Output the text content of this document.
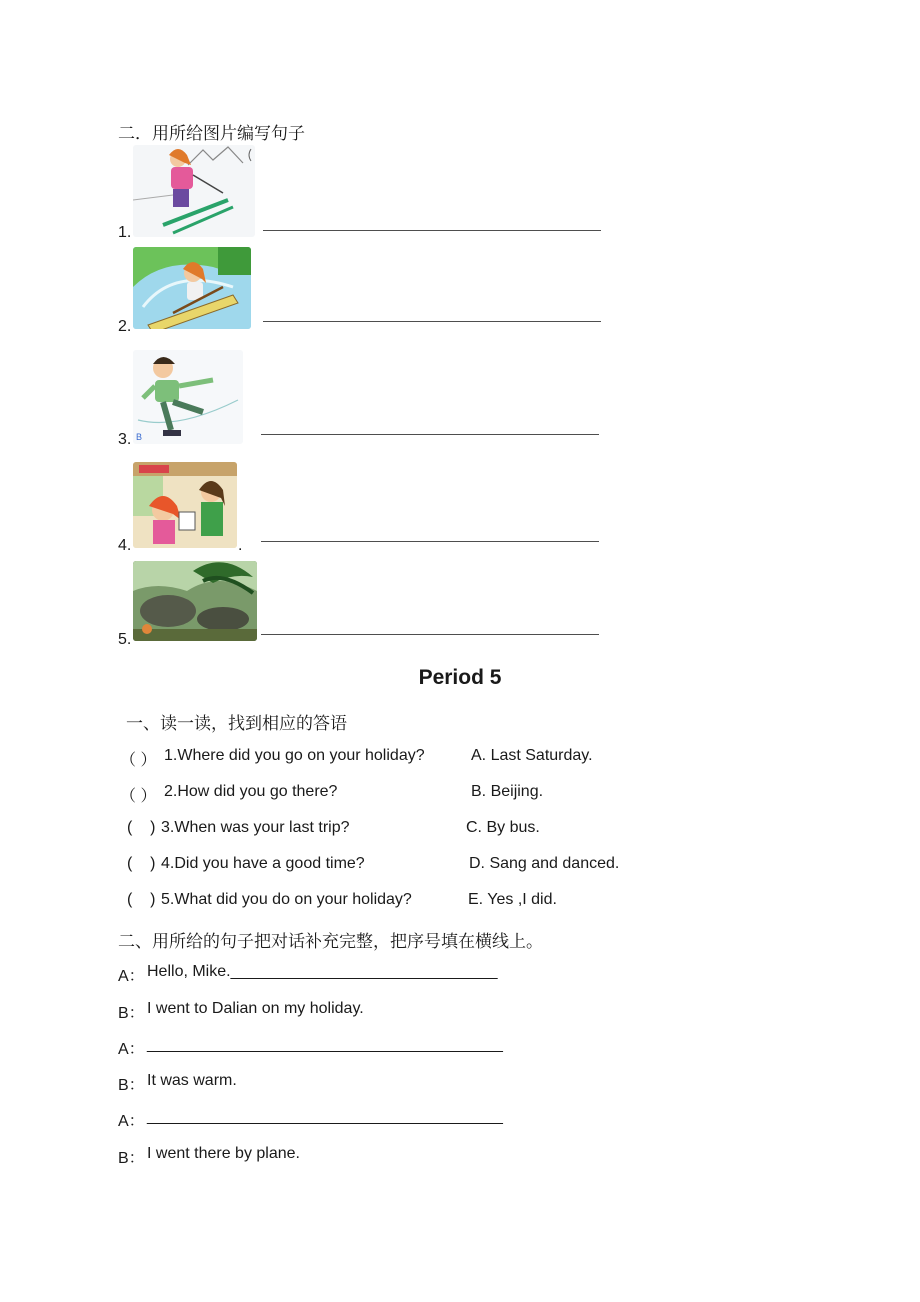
二．用所给图片编写句子
1.	——————————————————————————
2.	——————————————————————————
B
3.	——————————————————————————
4.	. ——————————————————————————
5.	——————————————————————————
Period 5
一、读一读，找到相应的答语
（ ） 1.Where did you go on your holiday?	A. Last Saturday.
（ ） 2.How did you go there?	B. Beijing.
(    ) 3.When was your last trip?	C. By bus.
(    ) 4.Did you have a good time?	D. Sang and danced.
(    ) 5.What did you do on your holiday?	E. Yes ,I did.
二、用所给的句子把对话补充完整，把序号填在横线上。
A： Hello, Mike.______________________________
B： I went to Dalian on my holiday.
A： ________________________________________
B： It was warm.
A： ________________________________________
B： I went there by plane.
